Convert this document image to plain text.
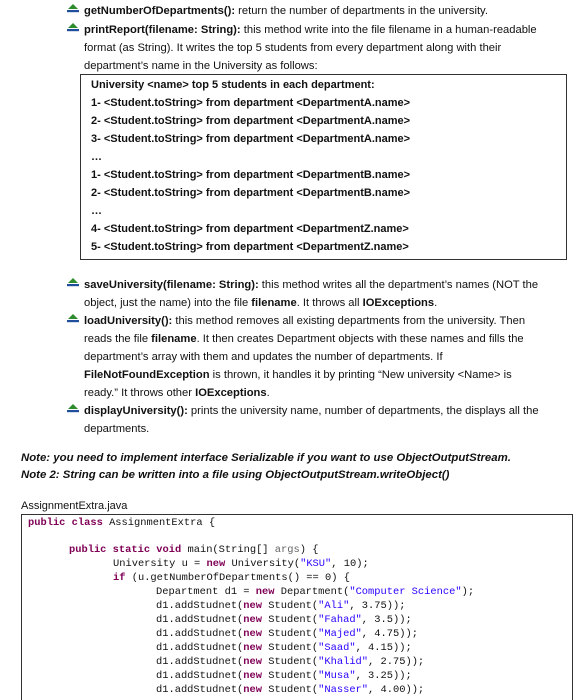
getNumberOfDepartments(): return the number of departments in the university.
printReport(filename: String): this method write into the file filename in a human-readable
format (as String). It writes the top 5 students from every department along with their
department’s name in the University as follows:
University <name> top 5 students in each department:
1- <Student.toString> from department <DepartmentA.name>
2- <Student.toString> from department <DepartmentA.name>
3- <Student.toString> from department <DepartmentA.name>
…
1- <Student.toString> from department <DepartmentB.name>
2- <Student.toString> from department <DepartmentB.name>
…
4- <Student.toString> from department <DepartmentZ.name>
5- <Student.toString> from department <DepartmentZ.name>
saveUniversity(filename: String): this method writes all the department’s names (NOT the
object, just the name) into the file filename. It throws all IOExceptions.
loadUniversity(): this method removes all existing departments from the university. Then
reads the file filename. It then creates Department objects with these names and fills the
department’s array with them and updates the number of departments. If
FileNotFoundException is thrown, it handles it by printing “New university <Name> is
ready.” It throws other IOExceptions.
displayUniversity(): prints the university name, number of departments, the displays all the
departments.
Note: you need to implement interface Serializable if you want to use ObjectOutputStream.
Note 2: String can be written into a file using ObjectOutputStream.writeObject()
AssignmentExtra.java
public class AssignmentExtra {
public static void main(String[] args) {
University u = new University("KSU", 10);
if (u.getNumberOfDepartments() == 0) {
Department d1 = new Department("Computer Science");
d1.addStudnet(new Student("Ali", 3.75));
d1.addStudnet(new Student("Fahad", 3.5));
d1.addStudnet(new Student("Majed", 4.75));
d1.addStudnet(new Student("Saad", 4.15));
d1.addStudnet(new Student("Khalid", 2.75));
d1.addStudnet(new Student("Musa", 3.25));
d1.addStudnet(new Student("Nasser", 4.00));
